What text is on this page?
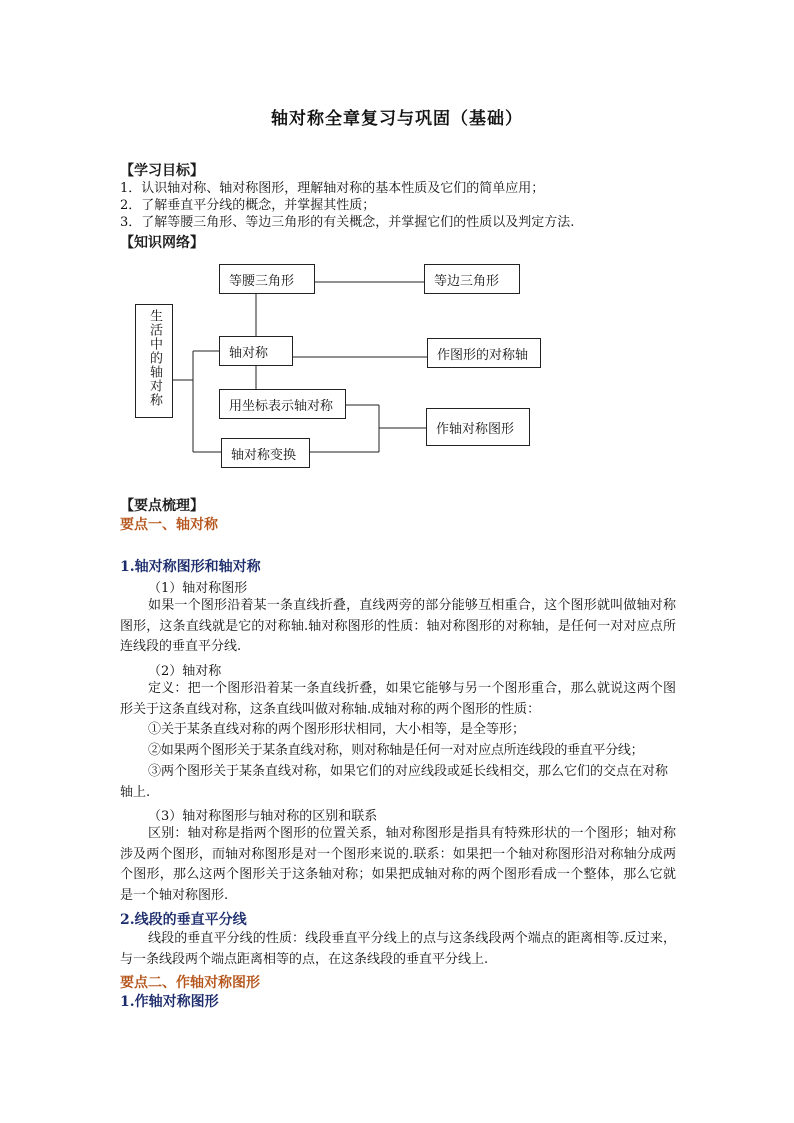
轴对称全章复习与巩固（基础）
【学习目标】
1．认识轴对称、轴对称图形，理解轴对称的基本性质及它们的简单应用；
2．了解垂直平分线的概念，并掌握其性质；
3．了解等腰三角形、等边三角形的有关概念，并掌握它们的性质以及判定方法.
【知识网络】
生活中的轴对称
等腰三角形	等边三角形
轴对称	作图形的对称轴
用坐标表示轴对称
轴对称变换
作轴对称图形
【要点梳理】
要点一、轴对称
1.轴对称图形和轴对称
（1）轴对称图形
如果一个图形沿着某一条直线折叠，直线两旁的部分能够互相重合，这个图形就叫做轴对称图形，这条直线就是它的对称轴.轴对称图形的性质：轴对称图形的对称轴，是任何一对对应点所连线段的垂直平分线.
（2）轴对称
定义：把一个图形沿着某一条直线折叠，如果它能够与另一个图形重合，那么就说这两个图形关于这条直线对称，这条直线叫做对称轴.成轴对称的两个图形的性质：
①关于某条直线对称的两个图形形状相同，大小相等，是全等形；
②如果两个图形关于某条直线对称，则对称轴是任何一对对应点所连线段的垂直平分线；
③两个图形关于某条直线对称，如果它们的对应线段或延长线相交，那么它们的交点在对称轴上.
（3）轴对称图形与轴对称的区别和联系
区别：轴对称是指两个图形的位置关系，轴对称图形是指具有特殊形状的一个图形；轴对称涉及两个图形，而轴对称图形是对一个图形来说的.联系：如果把一个轴对称图形沿对称轴分成两个图形，那么这两个图形关于这条轴对称；如果把成轴对称的两个图形看成一个整体，那么它就是一个轴对称图形.
2.线段的垂直平分线
线段的垂直平分线的性质：线段垂直平分线上的点与这条线段两个端点的距离相等.反过来，与一条线段两个端点距离相等的点，在这条线段的垂直平分线上.
要点二、作轴对称图形
1.作轴对称图形
